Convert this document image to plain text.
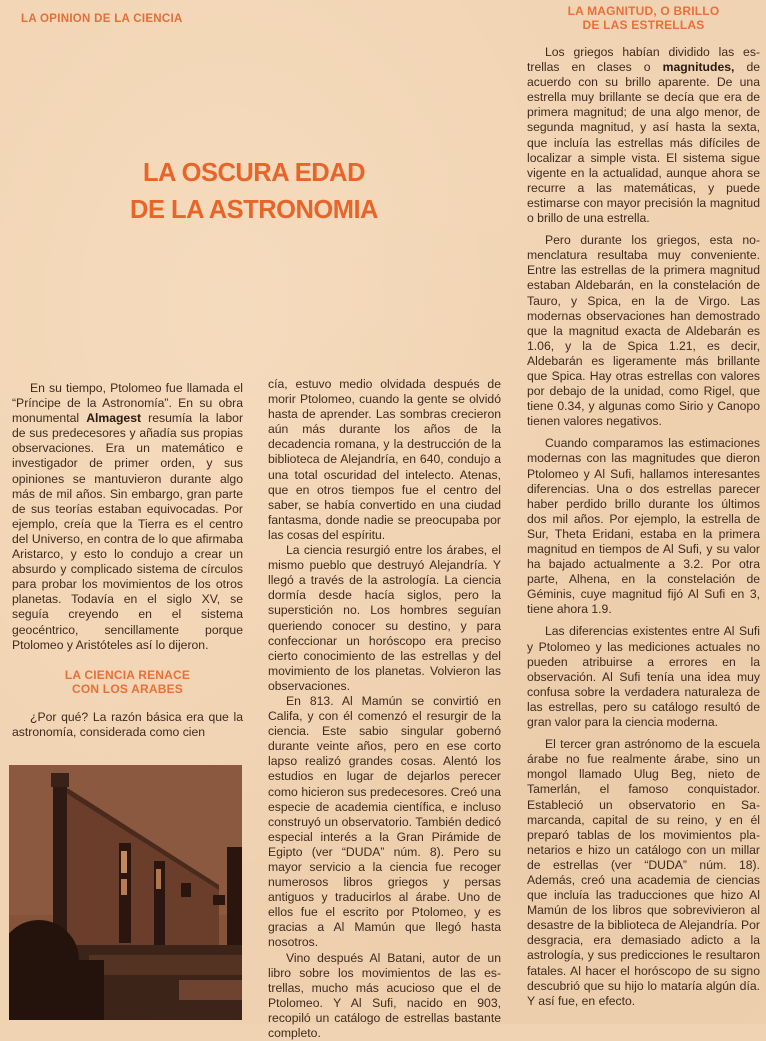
LA OPINION DE LA CIENCIA
LA OSCURA EDAD
DE LA ASTRONOMIA

En su tiempo, Ptolomeo fue llamada el “Príncipe de la Astronomía”. En su obra monumental Almagest resumía la labor de sus predecesores y añadía sus propias observaciones. Era un matemático e investigador de primer orden, y sus opiniones se mantuvieron durante algo más de mil años. Sin embargo, gran parte de sus teorías estaban equivocadas. Por ejemplo, creía que la Tierra es el centro del Universo, en contra de lo que afirmaba Aristarco, y esto lo condujo a crear un absurdo y complicado sistema de círculos para probar los movimientos de los otros planetas. Todavía en el siglo XV, se seguía creyendo en el sistema geocéntrico, sencillamente porque Ptolomeo y Aristóteles así lo dijeron.

LA CIENCIA RENACE
CON LOS ARABES

¿Por qué? La razón básica era que la astronomía, considerada como cien

cía, estuvo medio olvidada después de morir Ptolomeo, cuando la gente se olvidó hasta de aprender. Las sombras crecieron aún más durante los años de la decadencia romana, y la destrucción de la biblioteca de Alejandría, en 640, condujo a una total oscuridad del intelecto. Atenas, que en otros tiempos fue el centro del saber, se había convertido en una ciudad fantasma, donde nadie se preocupaba por las cosas del espíritu.

La ciencia resurgió entre los árabes, el mismo pueblo que destruyó Alejandría. Y llegó a través de la astrología. La ciencia dormía desde hacía siglos, pero la superstición no. Los hombres seguían queriendo conocer su destino, y para confeccionar un horóscopo era preciso cierto conocimiento de las estrellas y del movimiento de los planetas. Volvieron las observaciones.

En 813. Al Mamún se convirtió en Califa, y con él comenzó el resurgir de la ciencia. Este sabio singular gobernó durante veinte años, pero en ese corto lapso realizó grandes cosas. Alentó los estudios en lugar de dejarlos perecer como hicieron sus predecesores. Creó una especie de academia científica, e incluso construyó un observatorio. También dedicó especial interés a la Gran Pirámide de Egipto (ver “DUDA” núm. 8). Pero su mayor servicio a la ciencia fue recoger numerosos libros griegos y persas antiguos y traducirlos al árabe. Uno de ellos fue el escrito por Ptolomeo, y es gracias a Al Mamún que llegó hasta nosotros.

Vino después Al Batani, autor de un libro sobre los movimientos de las estrellas, mucho más acucioso que el de Ptolomeo. Y Al Sufi, nacido en 903, recopiló un catálogo de estrellas bastante completo.

LA MAGNITUD, O BRILLO
DE LAS ESTRELLAS

Los griegos habían dividido las estrellas en clases o magnitudes, de acuerdo con su brillo aparente. De una estrella muy brillante se decía que era de primera magnitud; de una algo menor, de segunda magnitud, y así hasta la sexta, que incluía las estrellas más difíciles de localizar a simple vista. El sistema sigue vigente en la actualidad, aunque ahora se recurre a las matemáticas, y puede estimarse con mayor precisión la magnitud o brillo de una estrella.

Pero durante los griegos, esta nomenclatura resultaba muy conveniente. Entre las estrellas de la primera magnitud estaban Aldebarán, en la constelación de Tauro, y Spica, en la de Virgo. Las modernas observaciones han demostrado que la magnitud exacta de Aldebarán es 1.06, y la de Spica 1.21, es decir, Aldebarán es ligeramente más brillante que Spica. Hay otras estrellas con valores por debajo de la unidad, como Rigel, que tiene 0.34, y algunas como Sirio y Canopo tienen valores negativos.

Cuando comparamos las estimaciones modernas con las magnitudes que dieron Ptolomeo y Al Sufi, hallamos interesantes diferencias. Una o dos estrellas parecer haber perdido brillo durante los últimos dos mil años. Por ejemplo, la estrella de Sur, Theta Eridani, estaba en la primera magnitud en tiempos de Al Sufi, y su valor ha bajado actualmente a 3.2. Por otra parte, Alhena, en la constelación de Géminis, cuye magnitud fijó Al Sufi en 3, tiene ahora 1.9.

Las diferencias existentes entre Al Sufi y Ptolomeo y las mediciones actuales no pueden atribuirse a errores en la observación. Al Sufi tenía una idea muy confusa sobre la verdadera naturaleza de las estrellas, pero su catálogo resultó de gran valor para la ciencia moderna.

El tercer gran astrónomo de la escuela árabe no fue realmente árabe, sino un mongol llamado Ulug Beg, nieto de Tamerlán, el famoso conquistador. Estableció un observatorio en Samarcanda, capital de su reino, y en él preparó tablas de los movimientos planetarios e hizo un catálogo con un millar de estrellas (ver “DUDA” núm. 18). Además, creó una academia de ciencias que incluía las traducciones que hizo Al Mamún de los libros que sobrevivieron al desastre de la biblioteca de Alejandría. Por desgracia, era demasiado adicto a la astrología, y sus predicciones le resultaron fatales. Al hacer el horóscopo de su signo descubrió que su hijo lo mataría algún día. Y así fue, en efecto.
